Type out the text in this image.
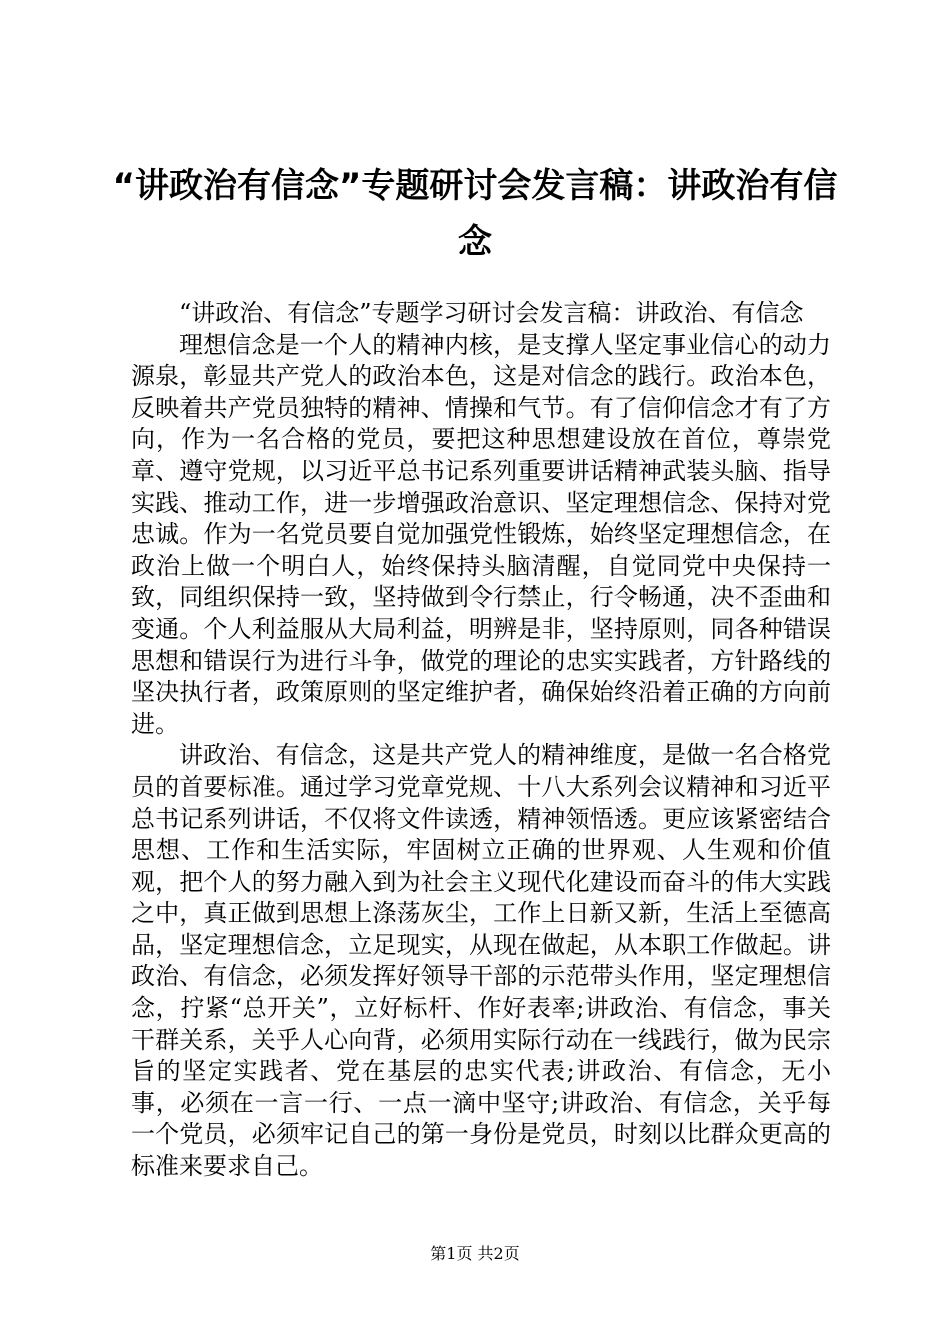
“讲政治有信念”专题研讨会发言稿：讲政治有信念

“讲政治、有信念”专题学习研讨会发言稿：讲政治、有信念

理想信念是一个人的精神内核，是支撑人坚定事业信心的动力源泉，彰显共产党人的政治本色，这是对信念的践行。政治本色，反映着共产党员独特的精神、情操和气节。有了信仰信念才有了方向，作为一名合格的党员，要把这种思想建设放在首位，尊崇党章、遵守党规，以习近平总书记系列重要讲话精神武装头脑、指导实践、推动工作，进一步增强政治意识、坚定理想信念、保持对党忠诚。作为一名党员要自觉加强党性锻炼，始终坚定理想信念，在政治上做一个明白人，始终保持头脑清醒，自觉同党中央保持一致，同组织保持一致，坚持做到令行禁止，行令畅通，决不歪曲和变通。个人利益服从大局利益，明辨是非，坚持原则，同各种错误思想和错误行为进行斗争，做党的理论的忠实实践者，方针路线的坚决执行者，政策原则的坚定维护者，确保始终沿着正确的方向前进。

讲政治、有信念，这是共产党人的精神维度，是做一名合格党员的首要标准。通过学习党章党规、十八大系列会议精神和习近平总书记系列讲话，不仅将文件读透，精神领悟透。更应该紧密结合思想、工作和生活实际，牢固树立正确的世界观、人生观和价值观，把个人的努力融入到为社会主义现代化建设而奋斗的伟大实践之中，真正做到思想上涤荡灰尘，工作上日新又新，生活上至德高品，坚定理想信念，立足现实，从现在做起，从本职工作做起。讲政治、有信念，必须发挥好领导干部的示范带头作用，坚定理想信念，拧紧“总开关”，立好标杆、作好表率;讲政治、有信念，事关干群关系，关乎人心向背，必须用实际行动在一线践行，做为民宗旨的坚定实践者、党在基层的忠实代表;讲政治、有信念，无小事，必须在一言一行、一点一滴中坚守;讲政治、有信念，关乎每一个党员，必须牢记自己的第一身份是党员，时刻以比群众更高的标准来要求自己。

第1页 共2页
